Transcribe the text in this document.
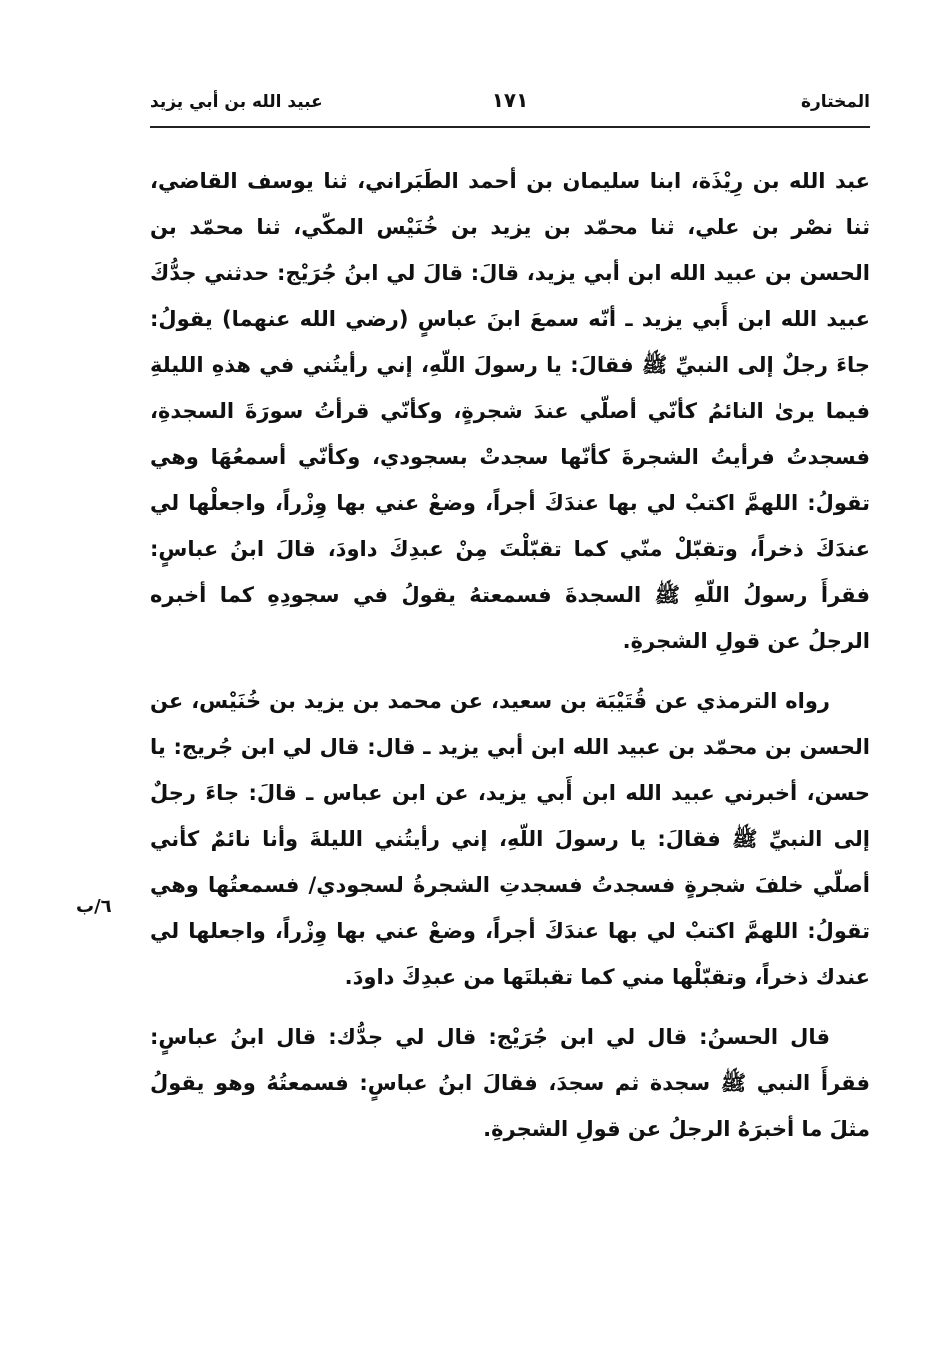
المختارة
١٧١
عبيد الله بن أبي يزيد

عبد الله بن رِيْذَة، ابنا سليمان بن أحمد الطَبَراني، ثنا يوسف القاضي، ثنا نصْر بن علي، ثنا محمّد بن يزيد بن خُنَيْس المكّي، ثنا محمّد بن الحسن بن عبيد الله ابن أبي يزيد، قالَ: قالَ لي ابنُ جُرَيْج: حدثني جدُّكَ عبيد الله ابن أَبي يزيد ـ أنّه سمعَ ابنَ عباسٍ (رضي الله عنهما) يقولُ: جاءَ رجلٌ إلى النبيِّ ﷺ فقالَ: يا رسولَ اللّهِ، إني رأيتُني في هذهِ الليلةِ فيما يرىٰ النائمُ كأنّي أصلّي عندَ شجرةٍ، وكأنّي قرأتُ سورَةَ السجدةِ، فسجدتُ فرأيتُ الشجرةَ كأنّها سجدتْ بسجودي، وكأنّي أسمعُهَا وهي تقولُ: اللهمَّ اكتبْ لي بها عندَكَ أجراً، وضعْ عني بها وِزْراً، واجعلْها لي عندَكَ ذخراً، وتقبّلْ منّي كما تقبّلْتَ مِنْ عبدِكَ داودَ، قالَ ابنُ عباسٍ: فقرأَ رسولُ اللّهِ ﷺ السجدةَ فسمعتهُ يقولُ في سجودِهِ كما أخبره الرجلُ عن قولِ الشجرةِ.

رواه الترمذي عن قُتَيْبَة بن سعيد، عن محمد بن يزيد بن خُنَيْس، عن الحسن بن محمّد بن عبيد الله ابن أبي يزيد ـ قال: قال لي ابن جُريج: يا حسن، أخبرني عبيد الله ابن أَبي يزيد، عن ابن عباس ـ قالَ: جاءَ رجلٌ إلى النبيِّ ﷺ فقالَ: يا رسولَ اللّهِ، إني رأيتُني الليلةَ وأنا نائمٌ كأني أصلّي خلفَ شجرةٍ فسجدتُ فسجدتِ الشجرةُ لسجودي/ فسمعتُها وهي تقولُ: اللهمَّ اكتبْ لي بها عندَكَ أجراً، وضعْ عني بها وِزْراً، واجعلها لي عندك ذخراً، وتقبّلْها مني كما تقبلتَها من عبدِكَ داودَ.

قال الحسنُ: قال لي ابن جُرَيْج: قال لي جدُّك: قال ابنُ عباسٍ: فقرأَ النبي ﷺ سجدة ثم سجدَ، فقالَ ابنُ عباسٍ: فسمعتُهُ وهو يقولُ مثلَ ما أخبرَهُ الرجلُ عن قولِ الشجرةِ.

٦/ب
